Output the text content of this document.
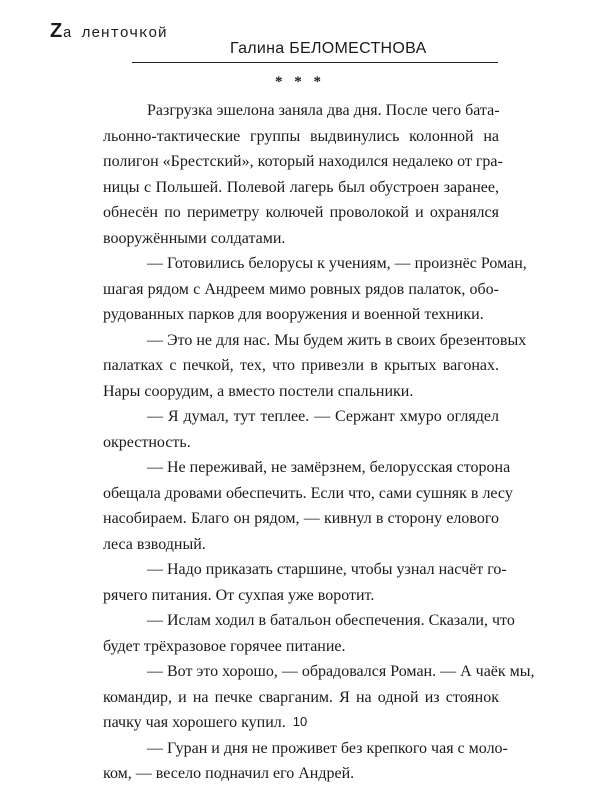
Zа ленточкой
Галина БЕЛОМЕСТНОВА
* * *
Разгрузка эшелона заняла два дня. После чего бата-
льонно-тактические группы выдвинулись колонной на
полигон «Брестский», который находился недалеко от гра-
ницы с Польшей. Полевой лагерь был обустроен заранее,
обнесён по периметру колючей проволокой и охранялся
вооружёнными солдатами.
— Готовились белорусы к учениям, — произнёс Роман,
шагая рядом с Андреем мимо ровных рядов палаток, обо-
рудованных парков для вооружения и военной техники.
— Это не для нас. Мы будем жить в своих брезентовых
палатках с печкой, тех, что привезли в крытых вагонах.
Нары соорудим, а вместо постели спальники.
— Я думал, тут теплее. — Сержант хмуро оглядел
окрестность.
— Не переживай, не замёрзнем, белорусская сторона
обещала дровами обеспечить. Если что, сами сушняк в лесу
насобираем. Благо он рядом, — кивнул в сторону елового
леса взводный.
— Надо приказать старшине, чтобы узнал насчёт го-
рячего питания. От сухпая уже воротит.
— Ислам ходил в батальон обеспечения. Сказали, что
будет трёхразовое горячее питание.
— Вот это хорошо, — обрадовался Роман. — А чаёк мы,
командир, и на печке сварганим. Я на одной из стоянок
пачку чая хорошего купил.
— Гуран и дня не проживет без крепкого чая с моло-
ком, — весело подначил его Андрей.
10
